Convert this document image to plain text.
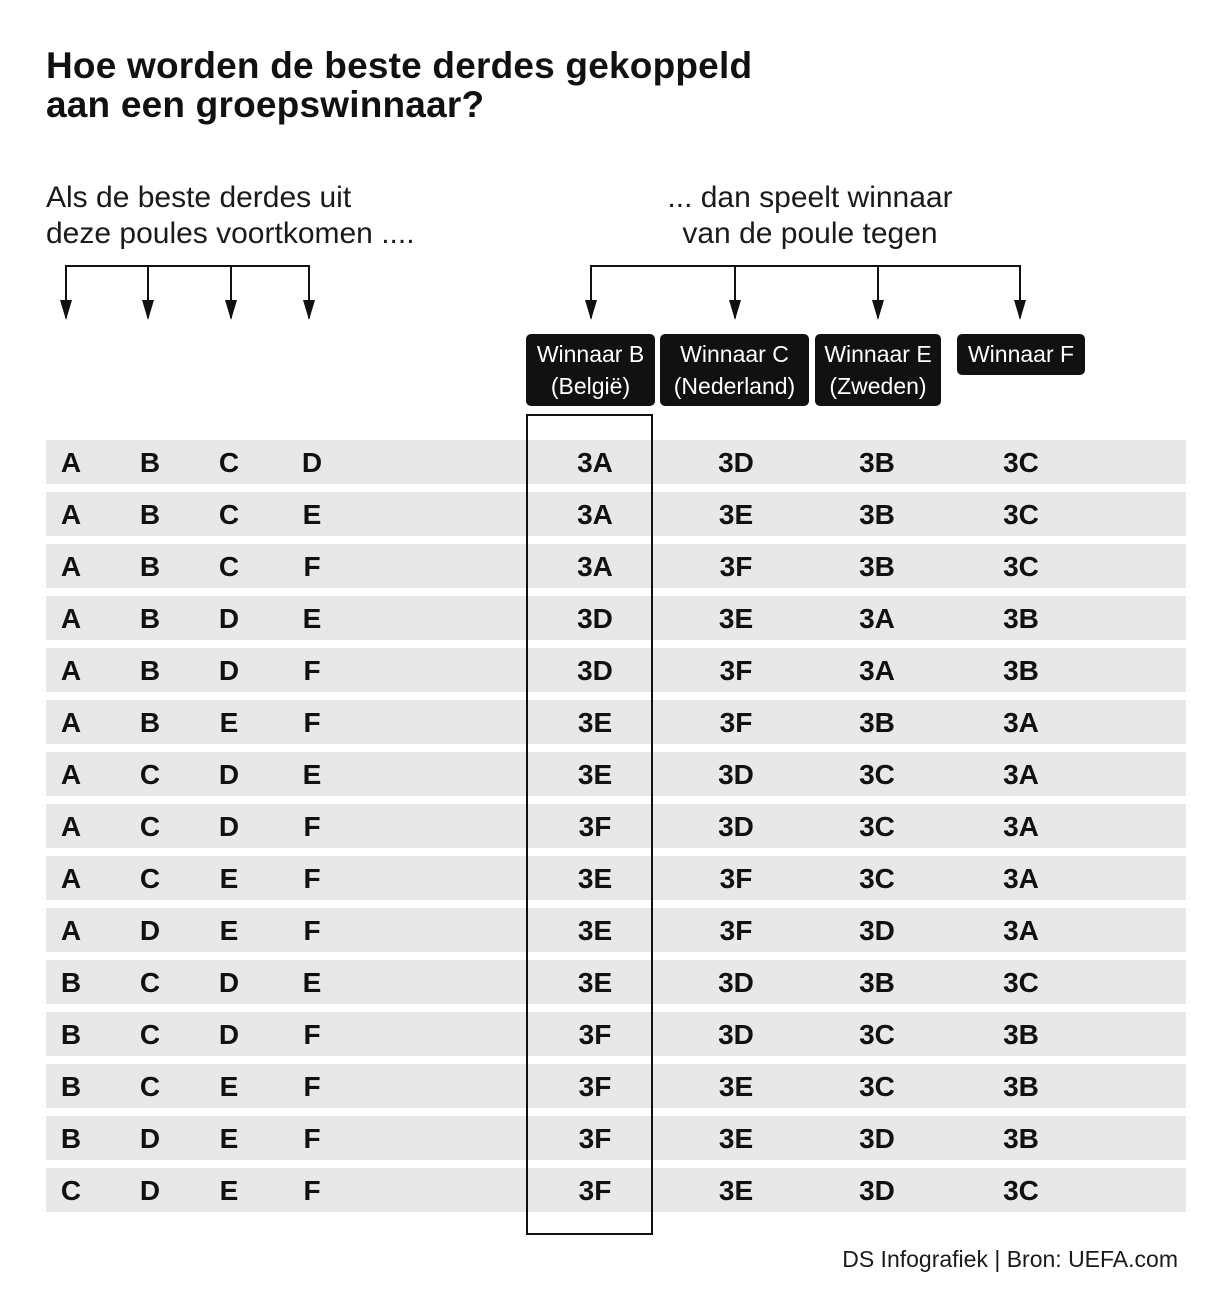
Hoe worden de beste derdes gekoppeld
aan een groepswinnaar?
Als de beste derdes uit
deze poules voortkomen ....
... dan speelt winnaar
van de poule tegen
Winnaar B
(België)
Winnaar C
(Nederland)
Winnaar E
(Zweden)
Winnaar F
A	B	C	D	3A	3D	3B	3C
A	B	C	E	3A	3E	3B	3C
A	B	C	F	3A	3F	3B	3C
A	B	D	E	3D	3E	3A	3B
A	B	D	F	3D	3F	3A	3B
A	B	E	F	3E	3F	3B	3A
A	C	D	E	3E	3D	3C	3A
A	C	D	F	3F	3D	3C	3A
A	C	E	F	3E	3F	3C	3A
A	D	E	F	3E	3F	3D	3A
B	C	D	E	3E	3D	3B	3C
B	C	D	F	3F	3D	3C	3B
B	C	E	F	3F	3E	3C	3B
B	D	E	F	3F	3E	3D	3B
C	D	E	F	3F	3E	3D	3C
DS Infografiek | Bron: UEFA.com
